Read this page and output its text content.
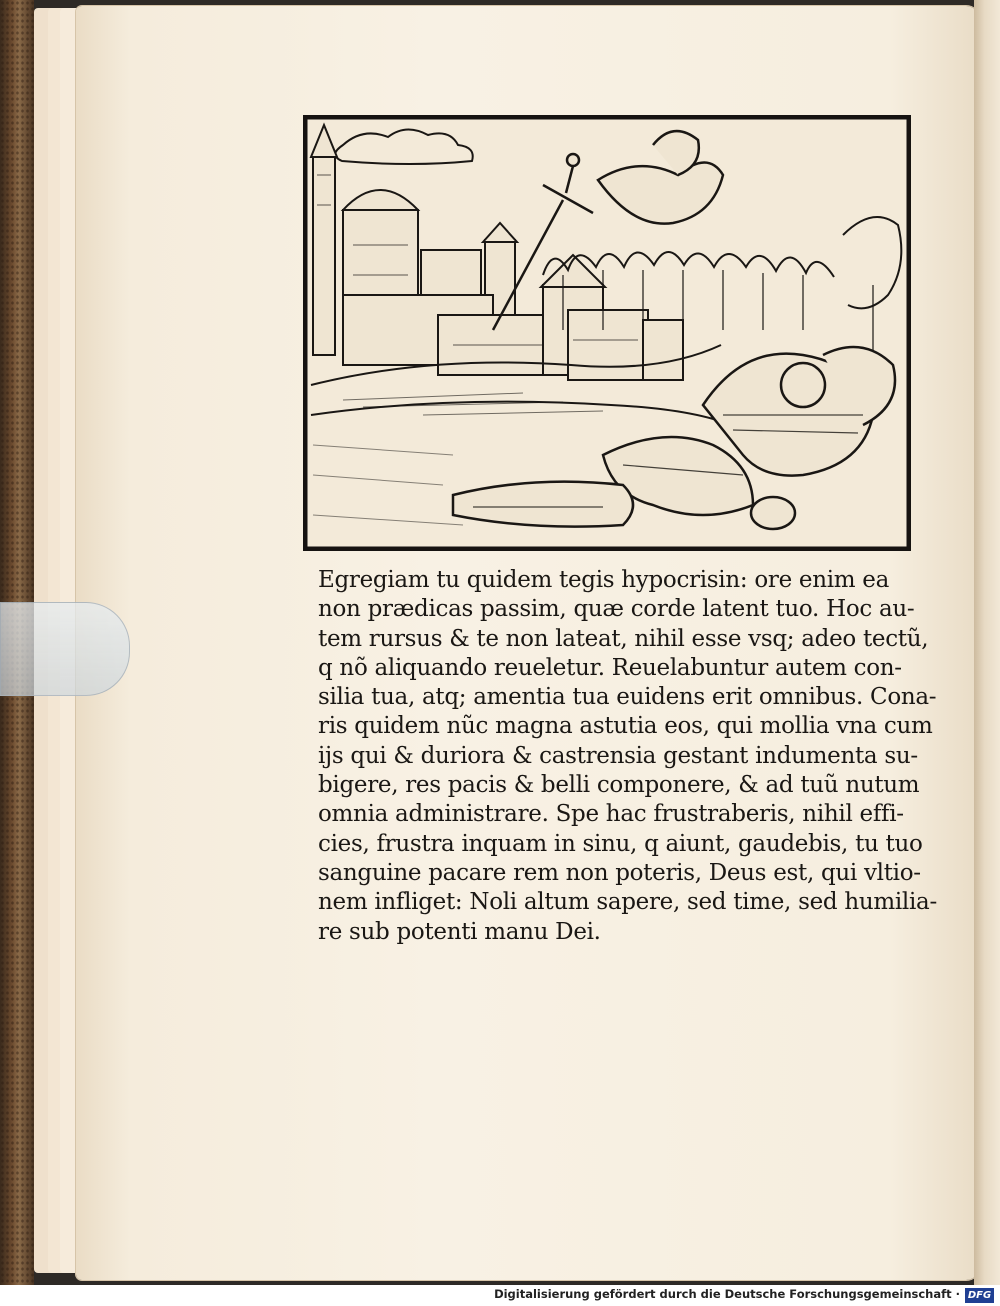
Egregiam tu quidem tegis hypocrisin: ore enim ea
non prædicas passim, quæ corde latent tuo. Hoc au-
tem rursus & te non lateat, nihil esse vsq; adeo tectũ,
q nõ aliquando reueletur. Reuelabuntur autem con-
silia tua, atq; amentia tua euidens erit omnibus. Cona-
ris quidem nũc magna astutia eos, qui mollia vna cum
ijs qui & duriora & castrensia gestant indumenta su-
bigere, res pacis & belli componere, & ad tuũ nutum
omnia administrare. Spe hac frustraberis, nihil effi-
cies, frustra inquam in sinu, q aiunt, gaudebis, tu tuo
sanguine pacare rem non poteris, Deus est, qui vltio-
nem infliget: Noli altum sapere, sed time, sed humilia-
re sub potenti manu Dei.
Digitalisierung gefördert durch die Deutsche Forschungsgemeinschaft · DFG
